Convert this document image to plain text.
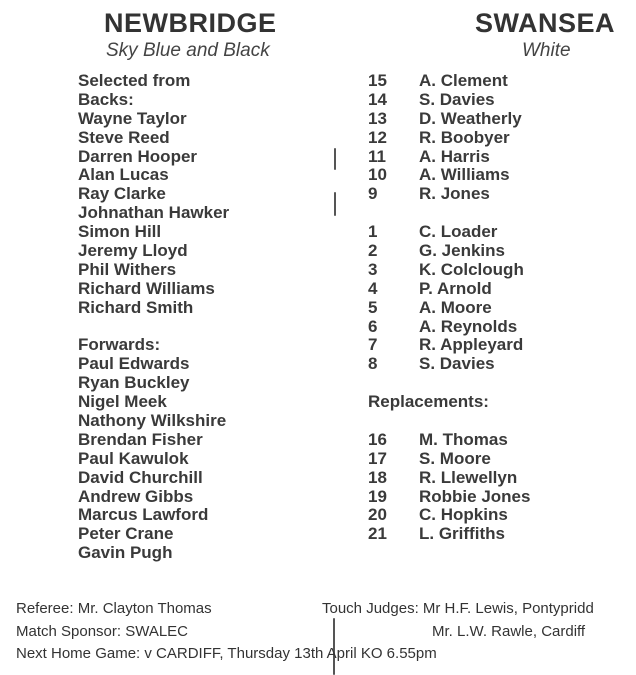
NEWBRIDGE
Sky Blue and Black
SWANSEA
White
Selected from
Backs:
Wayne Taylor
Steve Reed
Darren Hooper
Alan Lucas
Ray Clarke
Johnathan Hawker
Simon Hill
Jeremy Lloyd
Phil Withers
Richard Williams
Richard Smith
Forwards:
Paul Edwards
Ryan Buckley
Nigel Meek
Nathony Wilkshire
Brendan Fisher
Paul Kawulok
David Churchill
Andrew Gibbs
Marcus Lawford
Peter Crane
Gavin Pugh
15 A. Clement
14 S. Davies
13 D. Weatherly
12 R. Boobyer
11 A. Harris
10 A. Williams
9 R. Jones
1 C. Loader
2 G. Jenkins
3 K. Colclough
4 P. Arnold
5 A. Moore
6 A. Reynolds
7 R. Appleyard
8 S. Davies
Replacements:
16 M. Thomas
17 S. Moore
18 R. Llewellyn
19 Robbie Jones
20 C. Hopkins
21 L. Griffiths
Referee: Mr. Clayton Thomas
Match Sponsor: SWALEC
Next Home Game: v CARDIFF, Thursday 13th April KO 6.55pm
Touch Judges: Mr H.F. Lewis, Pontypridd
Mr. L.W. Rawle, Cardiff
